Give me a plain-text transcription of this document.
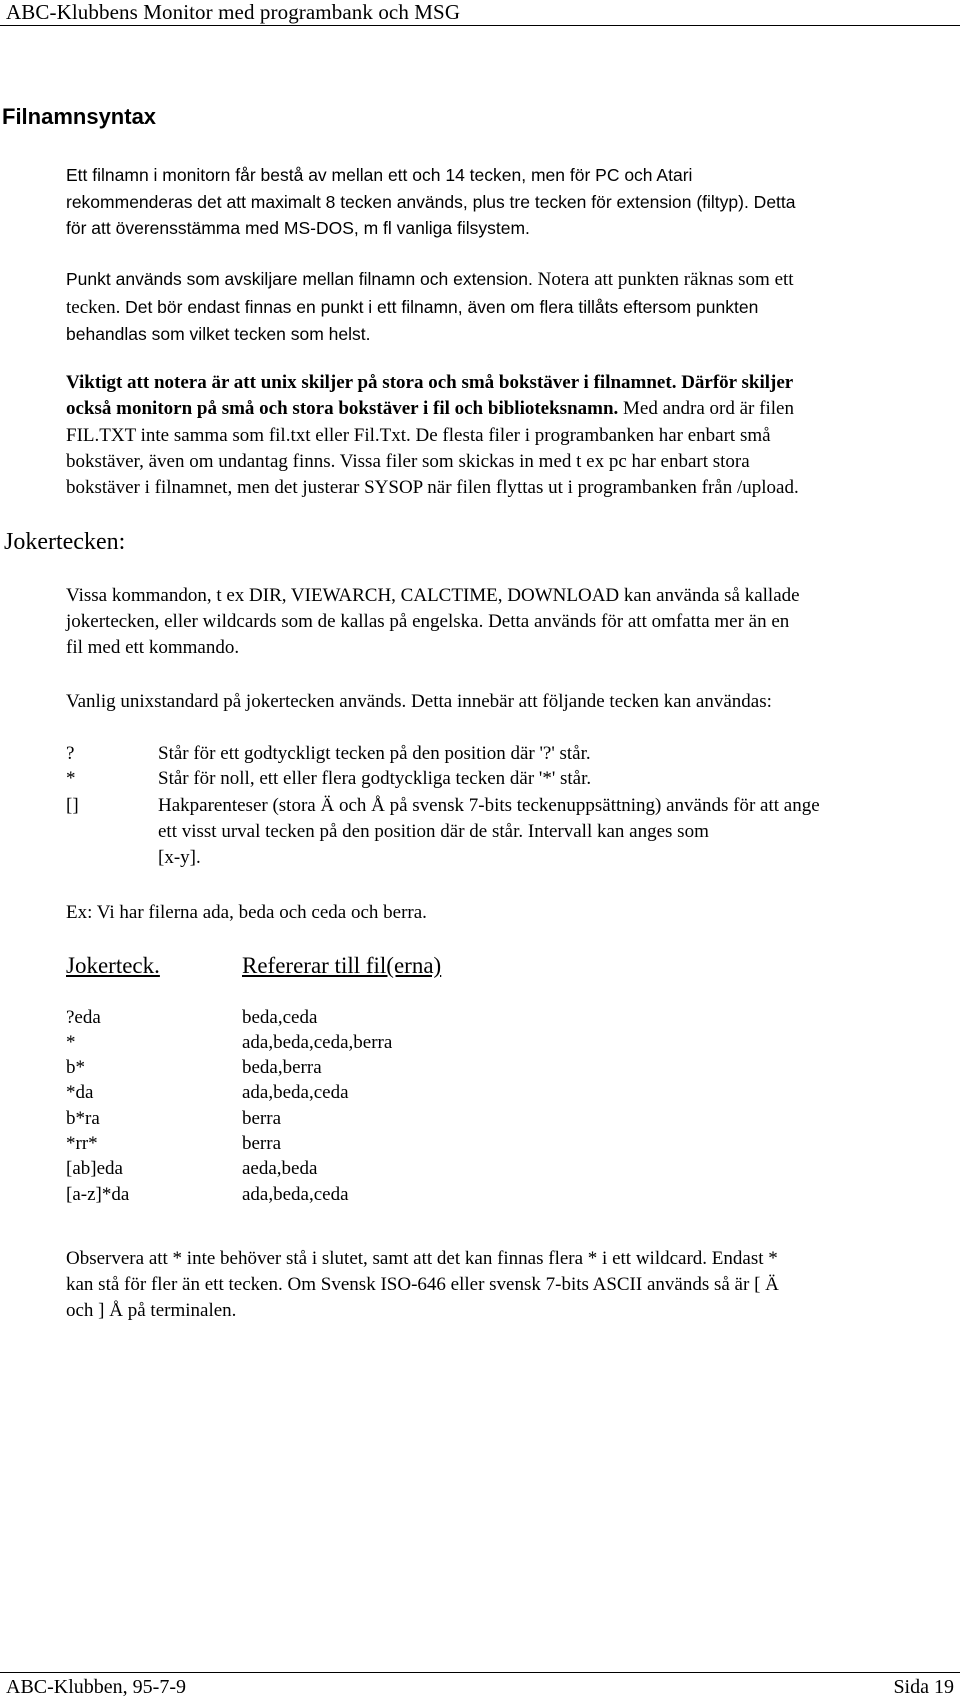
ABC-Klubbens Monitor med programbank och MSG
Filnamnsyntax
Ett filnamn i monitorn får bestå av mellan ett och 14 tecken, men för PC och Atari
rekommenderas det att maximalt 8 tecken används, plus tre tecken för extension (filtyp). Detta
för att överensstämma med MS-DOS, m fl vanliga filsystem.
Punkt används som avskiljare mellan filnamn och extension. Notera att punkten räknas som ett
tecken. Det bör endast finnas en punkt i ett filnamn, även om flera tillåts eftersom punkten
behandlas som vilket tecken som helst.
Viktigt att notera är att unix skiljer på stora och små bokstäver i filnamnet. Därför skiljer
också monitorn på små och stora bokstäver i fil och biblioteksnamn. Med andra ord är filen
FIL.TXT inte samma som fil.txt eller Fil.Txt. De flesta filer i programbanken har enbart små
bokstäver, även om undantag finns. Vissa filer som skickas in med t ex pc har enbart stora
bokstäver i filnamnet, men det justerar SYSOP när filen flyttas ut i programbanken från /upload.
Jokertecken:
Vissa kommandon, t ex DIR, VIEWARCH, CALCTIME, DOWNLOAD kan använda så kallade
jokertecken, eller wildcards som de kallas på engelska. Detta används för att omfatta mer än en
fil med ett kommando.
Vanlig unixstandard på jokertecken används. Detta innebär att följande tecken kan användas:
?	Står för ett godtyckligt tecken på den position där '?' står.
*	Står för noll, ett eller flera godtyckliga tecken där '*' står.
[]	Hakparenteser (stora Ä och Å på svensk 7-bits teckenuppsättning) används för att ange
ett visst urval tecken på den position där de står. Intervall kan anges som
[x-y].
Ex: Vi har filerna ada, beda och ceda och berra.
Jokerteck.	Refererar till fil(erna)
?eda	beda,ceda
*	ada,beda,ceda,berra
b*	beda,berra
*da	ada,beda,ceda
b*ra	berra
*rr*	berra
[ab]eda	aeda,beda
[a-z]*da	ada,beda,ceda
Observera att * inte behöver stå i slutet, samt att det kan finnas flera * i ett wildcard. Endast *
kan stå för fler än ett tecken. Om Svensk ISO-646 eller svensk 7-bits ASCII används så är [ Ä
och ] Å på terminalen.
ABC-Klubben, 95-7-9	Sida 19
